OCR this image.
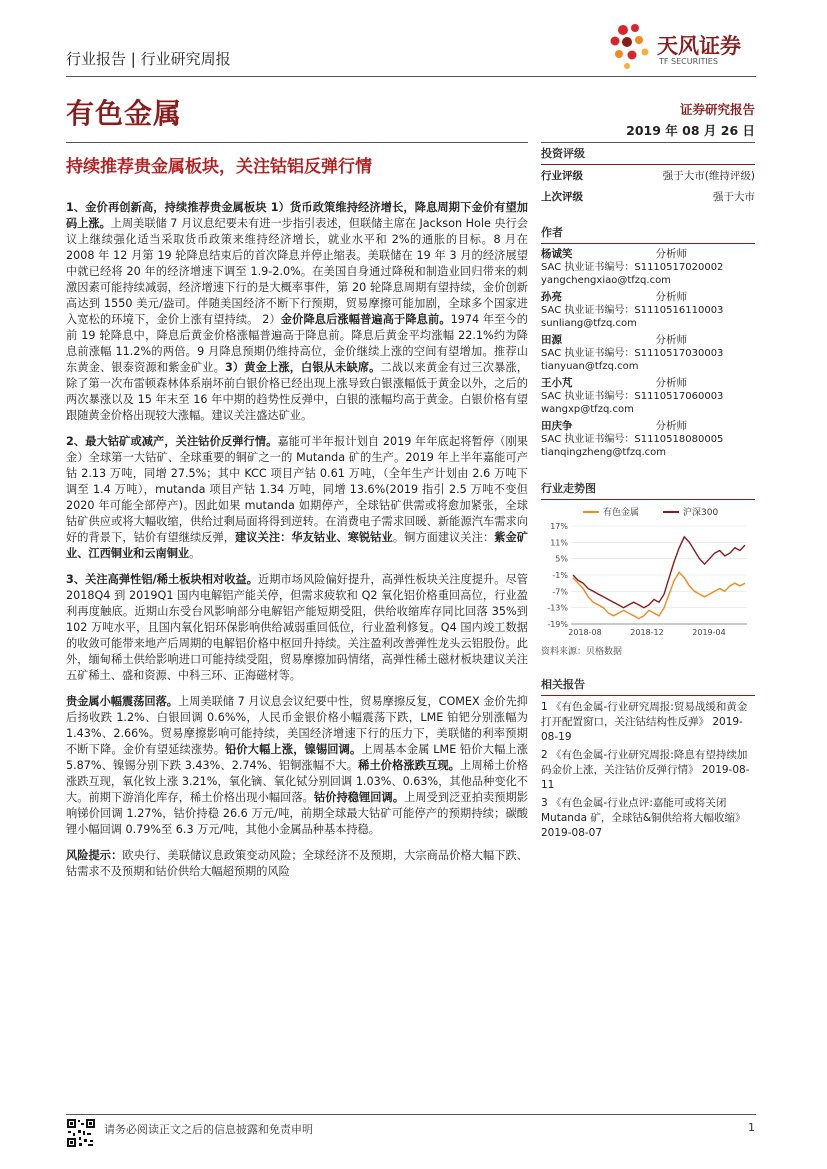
行业报告 | 行业研究周报
天风证券
TF SECURITIES
有色金属	证券研究报告
2019 年 08 月 26 日
持续推荐贵金属板块，关注钴铝反弹行情

1、金价再创新高，持续推荐贵金属板块 1）货币政策维持经济增长，降息周期下金价有望加码上涨。上周美联储 7 月议息纪要未有进一步指引表述，但联储主席在 Jackson Hole 央行会议上继续强化适当采取货币政策来维持经济增长，就业水平和 2%的通胀的目标。8 月在 2008 年 12 月第 19 轮降息结束后的首次降息并停止缩表。美联储在 19 年 3 月的经济展望中就已经将 20 年的经济增速下调至 1.9-2.0%。在美国自身通过降税和制造业回归带来的刺激因素可能持续减弱，经济增速下行的是大概率事件，第 20 轮降息周期有望持续，金价创新高达到 1550 美元/盎司。伴随美国经济不断下行预期，贸易摩擦可能加剧，全球多个国家进入宽松的环境下，金价上涨有望持续。 2）金价降息后涨幅普遍高于降息前。1974 年至今的前 19 轮降息中，降息后黄金价格涨幅普遍高于降息前。降息后黄金平均涨幅 22.1%约为降息前涨幅 11.2%的两倍。9 月降息预期仍维持高位，金价继续上涨的空间有望增加。推荐山东黄金、银泰资源和紫金矿业。3）黄金上涨，白银从未缺席。二战以来黄金有过三次暴涨，除了第一次布雷顿森林体系崩坏前白银价格已经出现上涨导致白银涨幅低于黄金以外，之后的两次暴涨以及 15 年末至 16 年中期的趋势性反弹中，白银的涨幅均高于黄金。白银价格有望跟随黄金价格出现较大涨幅。建议关注盛达矿业。

2、最大钴矿或减产，关注钴价反弹行情。嘉能可半年报计划自 2019 年年底起将暂停（刚果金）全球第一大钴矿、全球重要的铜矿之一的 Mutanda 矿的生产。2019 年上半年嘉能可产钴 2.13 万吨，同增 27.5%；其中 KCC 项目产钴 0.61 万吨，（全年生产计划由 2.6 万吨下调至 1.4 万吨），mutanda 项目产钴 1.34 万吨，同增 13.6%(2019 指引 2.5 万吨不变但 2020 年可能全部停产)。因此如果 mutanda 如期停产，全球钴矿供需或将愈加紧张，全球钴矿供应或将大幅收缩，供给过剩局面将得到逆转。在消费电子需求回暖、新能源汽车需求向好的背景下，钴价有望继续反弹，建议关注：华友钴业、寒锐钴业。铜方面建议关注：紫金矿业、江西铜业和云南铜业。

3、关注高弹性铝/稀土板块相对收益。近期市场风险偏好提升，高弹性板块关注度提升。尽管 2018Q4 到 2019Q1 国内电解铝产能关停，但需求疲软和 Q2 氧化铝价格重回高位，行业盈利再度触底。近期山东受台风影响部分电解铝产能短期受阻，供给收缩库存同比回落 35%到 102 万吨水平，且国内氧化铝环保影响供给减弱重回低位，行业盈利修复。Q4 国内竣工数据的收敛可能带来地产后周期的电解铝价格中枢回升持续。关注盈利改善弹性龙头云铝股份。此外，缅甸稀土供给影响进口可能持续受阻，贸易摩擦加码情绪，高弹性稀土磁材板块建议关注五矿稀土、盛和资源、中科三环、正海磁材等。

贵金属小幅震荡回落。上周美联储 7 月议息会议纪要中性，贸易摩擦反复，COMEX 金价先抑后扬收跌 1.2%、白银回调 0.6%%，人民币金银价格小幅震荡下跌，LME 铂钯分别涨幅为 1.43%、2.66%。贸易摩擦影响可能持续，美国经济增速下行的压力下，美联储的利率预期不断下降。金价有望延续涨势。铅价大幅上涨，镍锡回调。上周基本金属 LME 铅价大幅上涨 5.87%、镍锡分别下跌 3.43%、2.74%、铝铜涨幅不大。稀土价格涨跌互现。上周稀土价格涨跌互现，氧化钕上涨 3.21%，氧化镝、氧化铽分别回调 1.03%、0.63%，其他品种变化不大。前期下游消化库存，稀土价格出现小幅回落。钴价持稳锂回调。上周受到泛亚拍卖预期影响锑价回调 1.27%，钴价持稳 26.6 万元/吨，前期全球最大钴矿可能停产的预期持续；碳酸锂小幅回调 0.79%至 6.3 万元/吨，其他小金属品种基本持稳。

风险提示：欧央行、美联储议息政策变动风险；全球经济不及预期，大宗商品价格大幅下跌、钴需求不及预期和钴价供给大幅超预期的风险

投资评级
行业评级	强于大市(维持评级)
上次评级	强于大市
作者
杨诚笑	分析师
SAC 执业证书编号：S1110517020002
yangchengxiao@tfzq.com
孙亮	分析师
SAC 执业证书编号：S1110516110003
sunliang@tfzq.com
田源	分析师
SAC 执业证书编号：S1110517030003
tianyuan@tfzq.com
王小芃	分析师
SAC 执业证书编号：S1110517060003
wangxp@tfzq.com
田庆争	分析师
SAC 执业证书编号：S1110518080005
tianqingzheng@tfzq.com
行业走势图
有色金属	沪深300
17%
11%
5%
-1%
-7%
-13%
-19%
2018-08	2018-12	2019-04
资料来源：贝格数据
相关报告
1 《有色金属-行业研究周报:贸易战缓和黄金打开配置窗口，关注钴结构性反弹》 2019-08-19
2 《有色金属-行业研究周报:降息有望持续加码金价上涨，关注钴价反弹行情》 2019-08-11
3 《有色金属-行业点评:嘉能可或将关闭 Mutanda 矿，全球钴&铜供给将大幅收缩》 2019-08-07
请务必阅读正文之后的信息披露和免责申明	1
